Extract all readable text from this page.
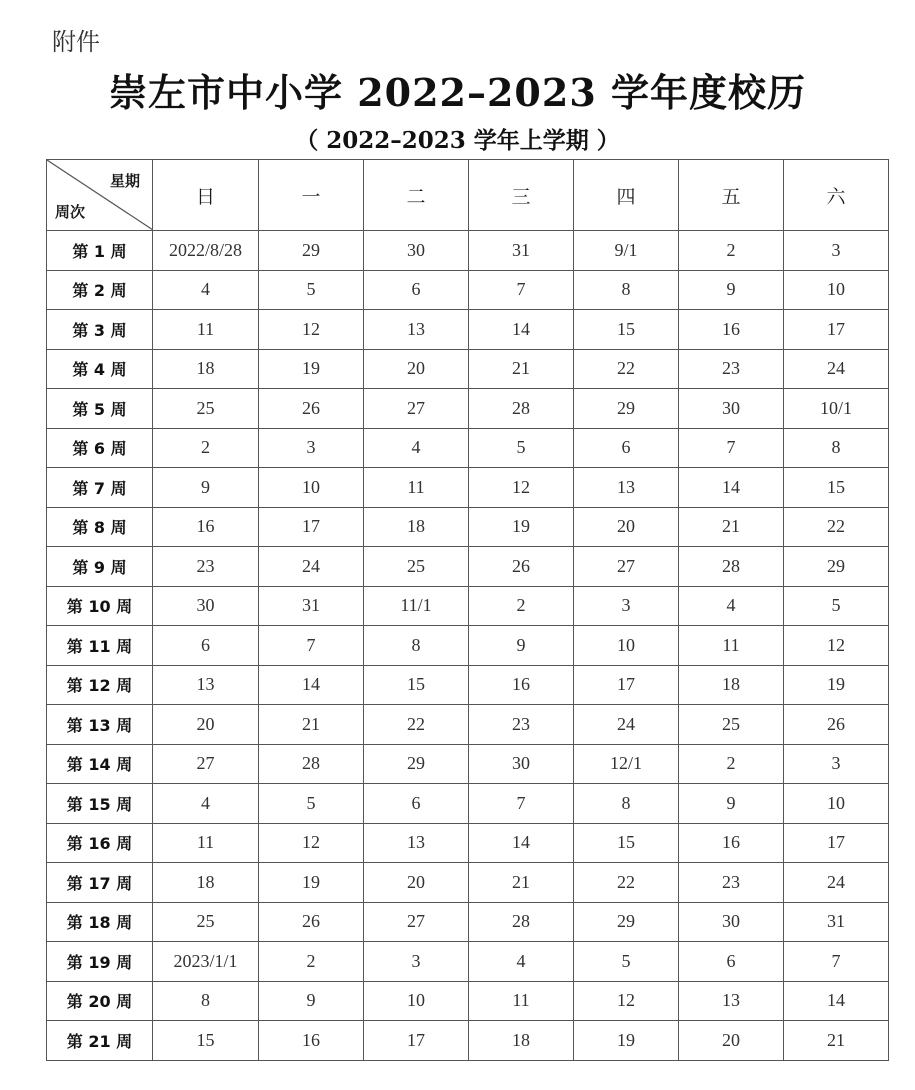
附件
崇左市中小学 2022–2023 学年度校历
（ 2022–2023 学年上学期 ）
星期
周次	日	一	二	三	四	五	六
第 1 周	2022/8/28	29	30	31	9/1	2	3
第 2 周	4	5	6	7	8	9	10
第 3 周	11	12	13	14	15	16	17
第 4 周	18	19	20	21	22	23	24
第 5 周	25	26	27	28	29	30	10/1
第 6 周	2	3	4	5	6	7	8
第 7 周	9	10	11	12	13	14	15
第 8 周	16	17	18	19	20	21	22
第 9 周	23	24	25	26	27	28	29
第 10 周	30	31	11/1	2	3	4	5
第 11 周	6	7	8	9	10	11	12
第 12 周	13	14	15	16	17	18	19
第 13 周	20	21	22	23	24	25	26
第 14 周	27	28	29	30	12/1	2	3
第 15 周	4	5	6	7	8	9	10
第 16 周	11	12	13	14	15	16	17
第 17 周	18	19	20	21	22	23	24
第 18 周	25	26	27	28	29	30	31
第 19 周	2023/1/1	2	3	4	5	6	7
第 20 周	8	9	10	11	12	13	14
第 21 周	15	16	17	18	19	20	21
